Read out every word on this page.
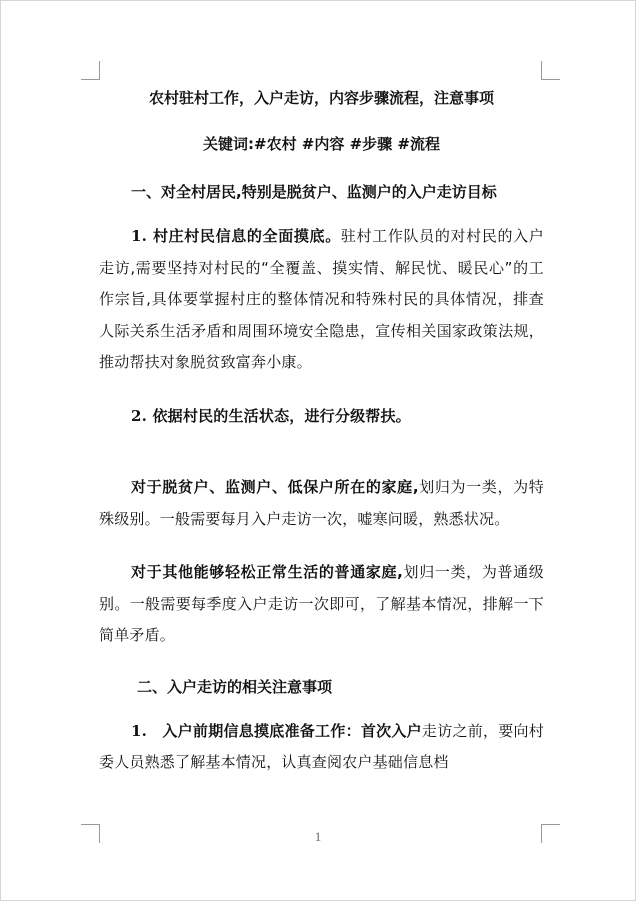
农村驻村工作，入户走访，内容步骤流程，注意事项

关键词:#农村 #内容 #步骤 #流程

一、对全村居民,特别是脱贫户、监测户的入户走访目标

1. 村庄村民信息的全面摸底。驻村工作队员的对村民的入户走访,需要坚持对村民的“全覆盖、摸实情、解民忧、暖民心”的工作宗旨,具体要掌握村庄的整体情况和特殊村民的具体情况，排查人际关系生活矛盾和周围环境安全隐患，宣传相关国家政策法规，推动帮扶对象脱贫致富奔小康。

2. 依据村民的生活状态，进行分级帮扶。

对于脱贫户、监测户、低保户所在的家庭,划归为一类，为特殊级别。一般需要每月入户走访一次，嘘寒问暖，熟悉状况。

对于其他能够轻松正常生活的普通家庭,划归一类，为普通级别。一般需要每季度入户走访一次即可，了解基本情况，排解一下简单矛盾。

二、入户走访的相关注意事项

1.　入户前期信息摸底准备工作：首次入户走访之前，要向村委人员熟悉了解基本情况，认真查阅农户基础信息档

1
